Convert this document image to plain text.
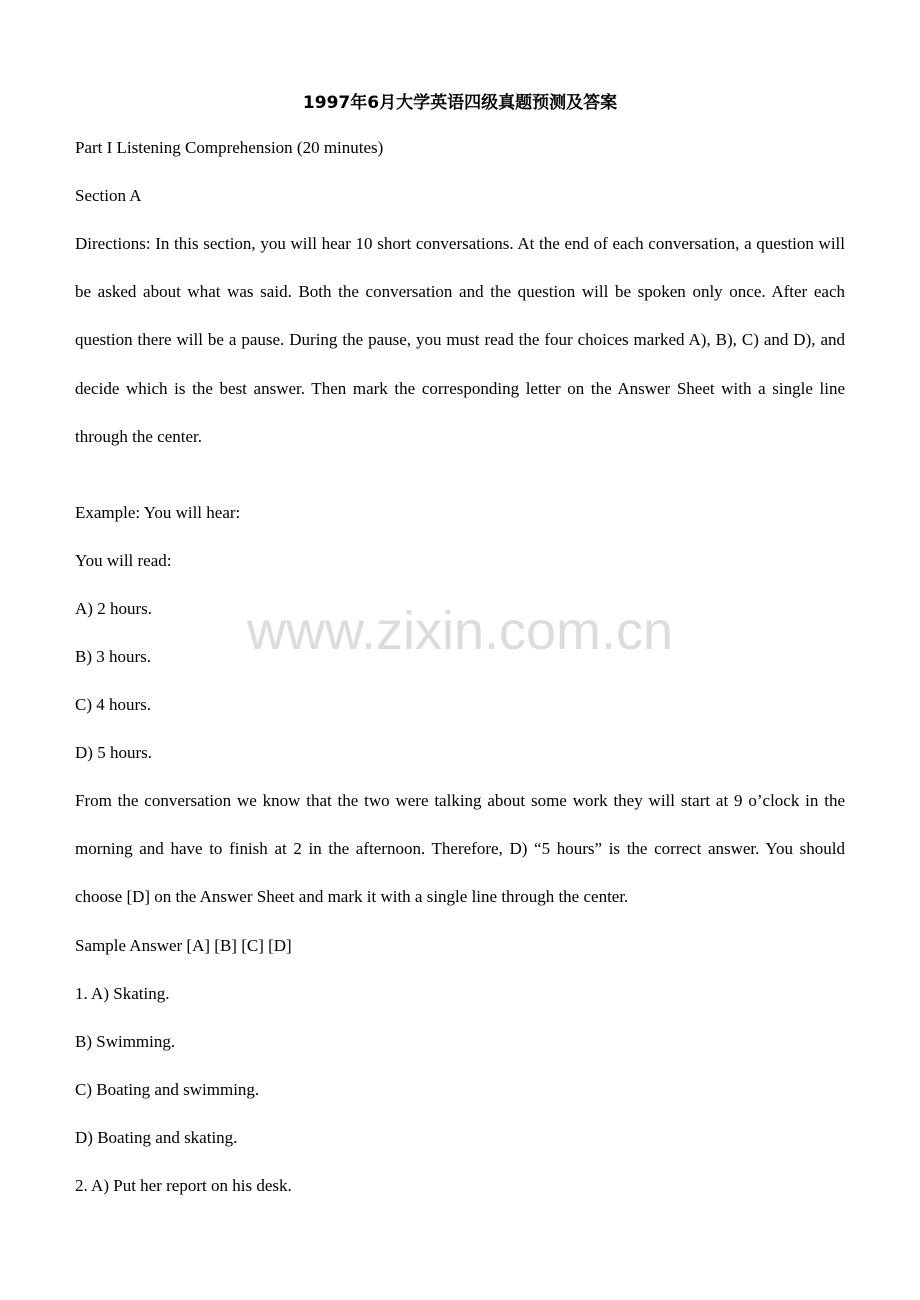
www.zixin.com.cn
1997年6月大学英语四级真题预测及答案
Part I Listening Comprehension (20 minutes)
Section A
Directions: In this section, you will hear 10 short conversations. At the end of each conversation, a question will be asked about what was said. Both the conversation and the question will be spoken only once. After each question there will be a pause. During the pause, you must read the four choices marked A), B), C) and D), and decide which is the best answer. Then mark the corresponding letter on the Answer Sheet with a single line through the center.
Example: You will hear:
You will read:
A) 2 hours.
B) 3 hours.
C) 4 hours.
D) 5 hours.
From the conversation we know that the two were talking about some work they will start at 9 o’clock in the morning and have to finish at 2 in the afternoon. Therefore, D) “5 hours” is the correct answer. You should choose [D] on the Answer Sheet and mark it with a single line through the center.
Sample Answer [A] [B] [C] [D]
1. A) Skating.
B) Swimming.
C) Boating and swimming.
D) Boating and skating.
2. A) Put her report on his desk.
